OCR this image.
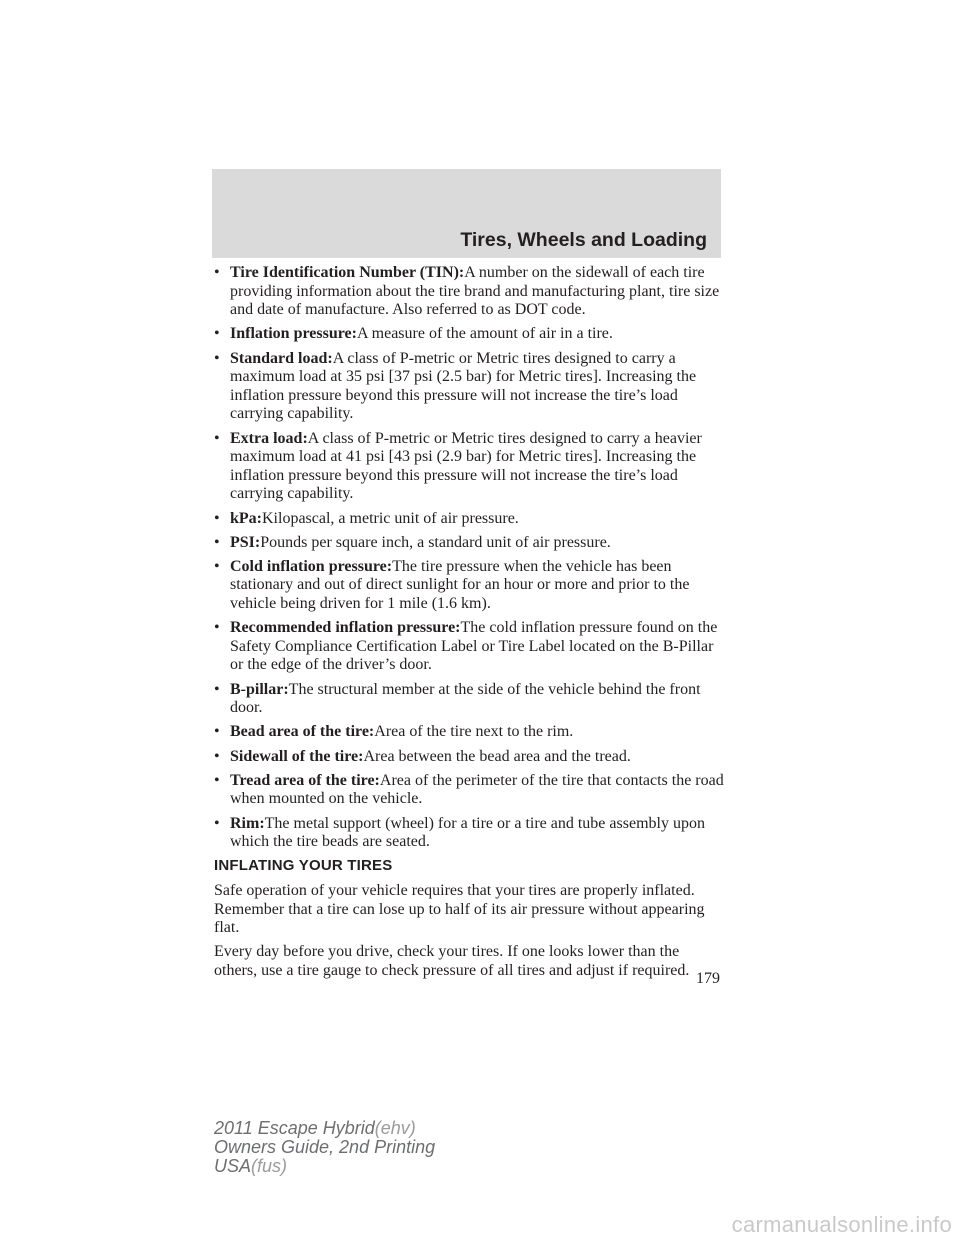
Tires, Wheels and Loading
• Tire Identification Number (TIN):A number on the sidewall of each tire providing information about the tire brand and manufacturing plant, tire size and date of manufacture. Also referred to as DOT code.
• Inflation pressure:A measure of the amount of air in a tire.
• Standard load:A class of P-metric or Metric tires designed to carry a maximum load at 35 psi [37 psi (2.5 bar) for Metric tires]. Increasing the inflation pressure beyond this pressure will not increase the tire’s load carrying capability.
• Extra load:A class of P-metric or Metric tires designed to carry a heavier maximum load at 41 psi [43 psi (2.9 bar) for Metric tires]. Increasing the inflation pressure beyond this pressure will not increase the tire’s load carrying capability.
• kPa:Kilopascal, a metric unit of air pressure.
• PSI:Pounds per square inch, a standard unit of air pressure.
• Cold inflation pressure:The tire pressure when the vehicle has been stationary and out of direct sunlight for an hour or more and prior to the vehicle being driven for 1 mile (1.6 km).
• Recommended inflation pressure:The cold inflation pressure found on the Safety Compliance Certification Label or Tire Label located on the B-Pillar or the edge of the driver’s door.
• B-pillar:The structural member at the side of the vehicle behind the front door.
• Bead area of the tire:Area of the tire next to the rim.
• Sidewall of the tire:Area between the bead area and the tread.
• Tread area of the tire:Area of the perimeter of the tire that contacts the road when mounted on the vehicle.
• Rim:The metal support (wheel) for a tire or a tire and tube assembly upon which the tire beads are seated.
INFLATING YOUR TIRES

Safe operation of your vehicle requires that your tires are properly inflated. Remember that a tire can lose up to half of its air pressure without appearing flat.

Every day before you drive, check your tires. If one looks lower than the others, use a tire gauge to check pressure of all tires and adjust if required. 179
2011 Escape Hybrid(ehv)
Owners Guide, 2nd Printing
USA(fus)
carmanualsonline.info
